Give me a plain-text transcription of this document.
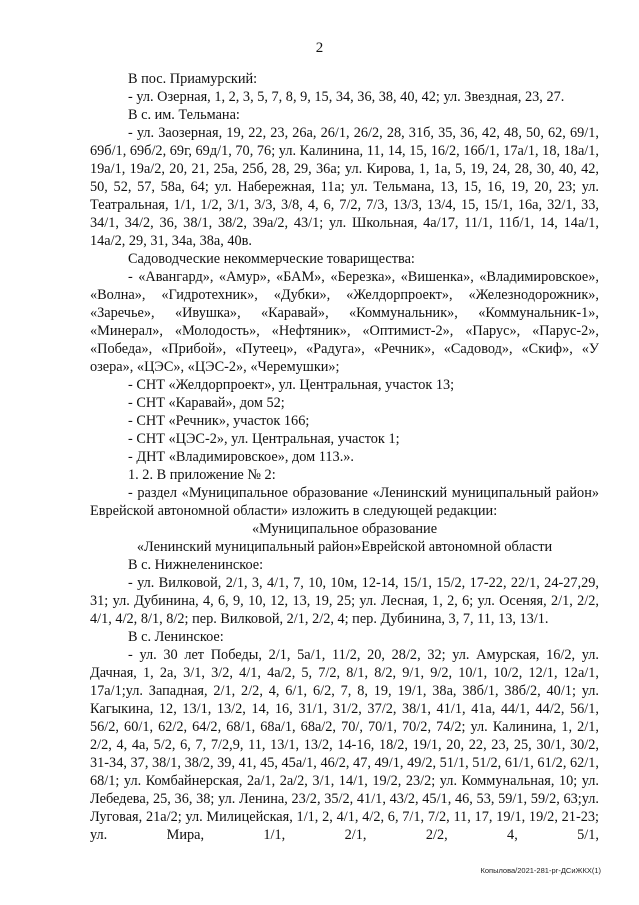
2

В пос. Приамурский:

- ул. Озерная, 1, 2, 3, 5, 7, 8, 9, 15, 34, 36, 38, 40, 42; ул. Звездная, 23, 27.

В с. им. Тельмана:

- ул. Заозерная, 19, 22, 23, 26а, 26/1, 26/2, 28, 31б, 35, 36, 42, 48, 50, 62, 69/1, 69б/1, 69б/2, 69г, 69д/1, 70, 76; ул. Калинина, 11, 14, 15, 16/2, 16б/1, 17а/1, 18, 18а/1, 19а/1, 19а/2, 20, 21, 25а, 25б, 28, 29, 36а; ул. Кирова, 1, 1а, 5, 19, 24, 28, 30, 40, 42, 50, 52, 57, 58а, 64; ул. Набережная, 11а; ул. Тельмана, 13, 15, 16, 19, 20, 23; ул. Театральная, 1/1, 1/2, 3/1, 3/3, 3/8, 4, 6, 7/2, 7/3, 13/3, 13/4, 15, 15/1, 16а, 32/1, 33, 34/1, 34/2, 36, 38/1, 38/2, 39а/2, 43/1; ул. Школьная, 4а/17, 11/1, 11б/1, 14, 14а/1, 14а/2, 29, 31, 34а, 38а, 40в.

Садоводческие некоммерческие товарищества:

- «Авангард», «Амур», «БАМ», «Березка», «Вишенка», «Владимировское», «Волна», «Гидротехник», «Дубки», «Желдорпроект», «Железнодорожник», «Заречье», «Ивушка», «Каравай», «Коммунальник», «Коммунальник-1», «Минерал», «Молодость», «Нефтяник», «Оптимист-2», «Парус», «Парус-2», «Победа», «Прибой», «Путеец», «Радуга», «Речник», «Садовод», «Скиф», «У озера», «ЦЭС», «ЦЭС-2», «Черемушки»;

- СНТ «Желдорпроект», ул. Центральная, участок 13;

- СНТ «Каравай», дом 52;

- СНТ «Речник», участок 166;

- СНТ «ЦЭС-2», ул. Центральная, участок 1;

- ДНТ «Владимировское», дом 113.».

1. 2. В приложение № 2:

- раздел «Муниципальное образование «Ленинский муниципальный район» Еврейской автономной области» изложить в следующей редакции:

«Муниципальное образование

«Ленинский муниципальный район»Еврейской автономной области

В с. Нижнеленинское:

- ул. Вилковой, 2/1, 3, 4/1, 7, 10, 10м, 12-14, 15/1, 15/2, 17-22, 22/1, 24-27,29, 31; ул. Дубинина, 4, 6, 9, 10, 12, 13, 19, 25; ул. Лесная, 1, 2, 6; ул. Осеняя, 2/1, 2/2, 4/1, 4/2, 8/1, 8/2; пер. Вилковой, 2/1, 2/2, 4; пер. Дубинина, 3, 7, 11, 13, 13/1.

В с. Ленинское:

- ул. 30 лет Победы, 2/1, 5а/1, 11/2, 20, 28/2, 32; ул. Амурская, 16/2, ул. Дачная, 1, 2а, 3/1, 3/2, 4/1, 4а/2, 5, 7/2, 8/1, 8/2, 9/1, 9/2, 10/1, 10/2, 12/1, 12а/1, 17а/1;ул. Западная, 2/1, 2/2, 4, 6/1, 6/2, 7, 8, 19, 19/1, 38а, 38б/1, 38б/2, 40/1; ул. Кагыкина, 12, 13/1, 13/2, 14, 16, 31/1, 31/2, 37/2, 38/1, 41/1, 41а, 44/1, 44/2, 56/1, 56/2, 60/1, 62/2, 64/2, 68/1, 68а/1, 68а/2, 70/, 70/1, 70/2, 74/2; ул. Калинина, 1, 2/1, 2/2, 4, 4а, 5/2, 6, 7, 7/2,9, 11, 13/1, 13/2, 14-16, 18/2, 19/1, 20, 22, 23, 25, 30/1, 30/2, 31-34, 37, 38/1, 38/2, 39, 41, 45, 45а/1, 46/2, 47, 49/1, 49/2, 51/1, 51/2, 61/1, 61/2, 62/1, 68/1; ул. Комбайнерская, 2а/1, 2а/2, 3/1, 14/1, 19/2, 23/2; ул. Коммунальная, 10; ул. Лебедева, 25, 36, 38; ул. Ленина, 23/2, 35/2, 41/1, 43/2, 45/1, 46, 53, 59/1, 59/2, 63;ул. Луговая, 21а/2; ул. Милицейская, 1/1, 2, 4/1, 4/2, 6, 7/1, 7/2, 11, 17, 19/1, 19/2, 21-23; ул. Мира, 1/1, 2/1, 2/2, 4, 5/1,

Копылова/2021-281-рг-ДСиЖКХ(1)
